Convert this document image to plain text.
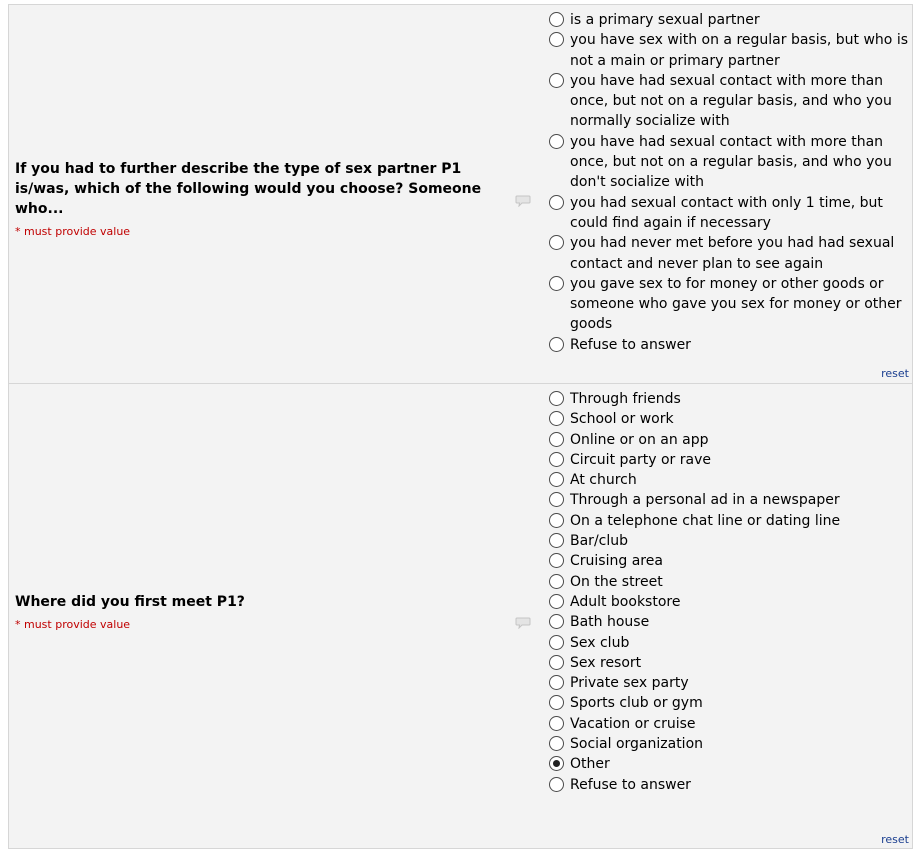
If you had to further describe the type of sex partner P1 is/was, which of the following would you choose? Someone who...
* must provide value
is a primary sexual partner
you have sex with on a regular basis, but who is not a main or primary partner
you have had sexual contact with more than once, but not on a regular basis, and who you normally socialize with
you have had sexual contact with more than once, but not on a regular basis, and who you don't socialize with
you had sexual contact with only 1 time, but could find again if necessary
you had never met before you had had sexual contact and never plan to see again
you gave sex to for money or other goods or someone who gave you sex for money or other goods
Refuse to answer
reset
Where did you first meet P1?
* must provide value
Through friends
School or work
Online or on an app
Circuit party or rave
At church
Through a personal ad in a newspaper
On a telephone chat line or dating line
Bar/club
Cruising area
On the street
Adult bookstore
Bath house
Sex club
Sex resort
Private sex party
Sports club or gym
Vacation or cruise
Social organization
Other
Refuse to answer
reset
